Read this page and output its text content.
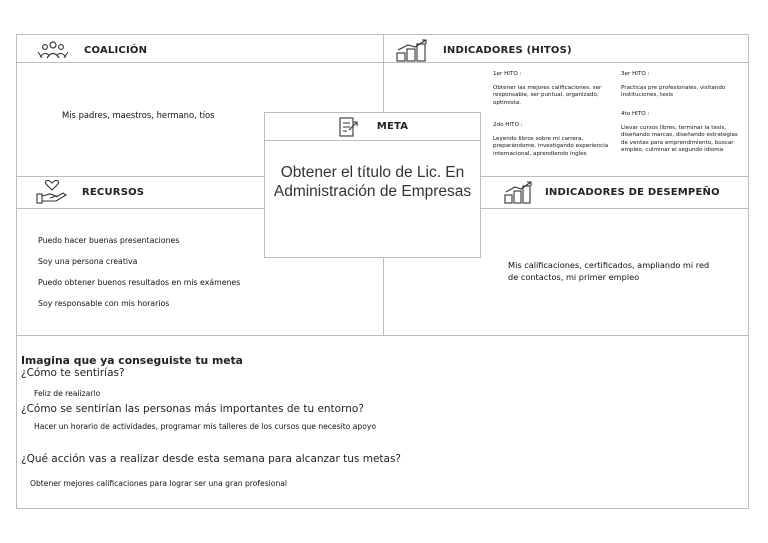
COALICIÓN	INDICADORES (HITOS)
Mis padres, maestros, hermano, tíos
1er HITO :
Obtener las mejores calificaciones, ser responsable, ser puntual, organizado, optimista.
2do HITO :
Leyendo libros sobre mi carrera, preparándome, investigando experiencia internacional, aprendiendo ingles
3er HITO :
Practicas pre profesionales, visitando instituciones, tesis
4to HITO :
Llevar cursos libres, terminar la tesis, diseñando marcas, diseñando estrategias de ventas para emprendimiento, buscar empleo, culminar el segundo idioma
RECURSOS	INDICADORES DE DESEMPEÑO
Puedo hacer buenas presentaciones
Soy una persona creativa
Puedo obtener buenos resultados en mis exámenes
Soy responsable con mis horarios
Mis calificaciones, certificados, ampliando mi red de contactos, mi primer empleo
META
Obtener el título de Lic. En Administración de Empresas
Imagina que ya conseguiste tu meta
¿Cómo te sentirías?
Feliz de realizarlo
¿Cómo se sentirían las personas más importantes de tu entorno?
Hacer un horario de actividades, programar mis talleres de los cursos que necesito apoyo
¿Qué acción vas a realizar desde esta semana para alcanzar tus metas?
Obtener mejores calificaciones para lograr ser una gran profesional
